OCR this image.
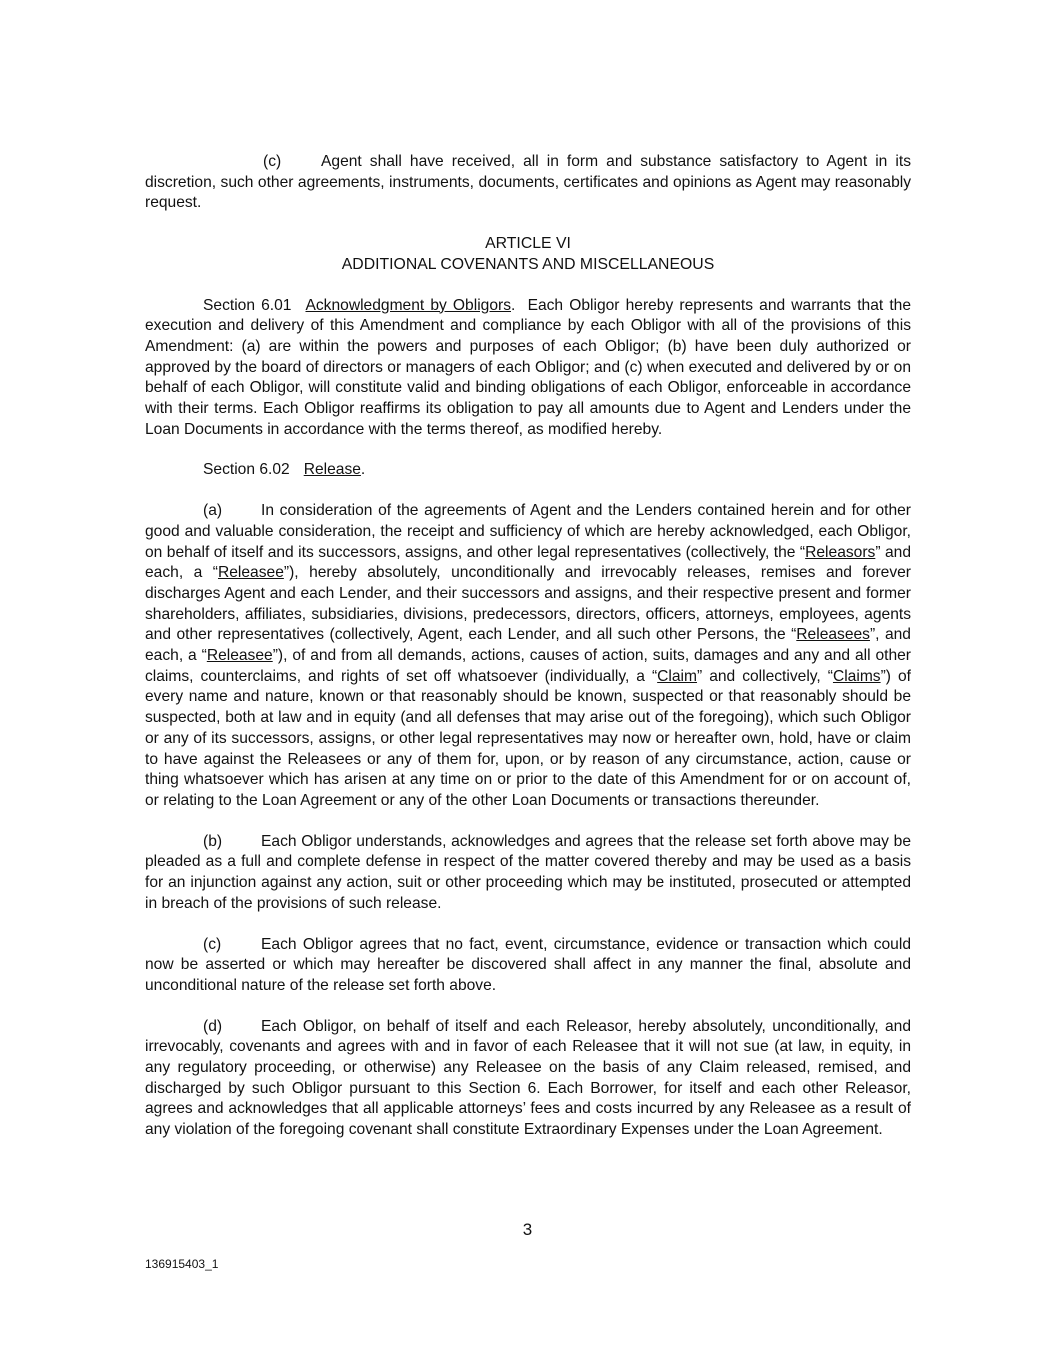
(c)	Agent shall have received, all in form and substance satisfactory to Agent in its discretion, such other agreements, instruments, documents, certificates and opinions as Agent may reasonably request.

ARTICLE VI

ADDITIONAL COVENANTS AND MISCELLANEOUS

Section 6.01 Acknowledgment by Obligors.  Each Obligor hereby represents and warrants that the execution and delivery of this Amendment and compliance by each Obligor with all of the provisions of this Amendment: (a) are within the powers and purposes of each Obligor; (b) have been duly authorized or approved by the board of directors or managers of each Obligor; and (c) when executed and delivered by or on behalf of each Obligor, will constitute valid and binding obligations of each Obligor, enforceable in accordance with their terms. Each Obligor reaffirms its obligation to pay all amounts due to Agent and Lenders under the Loan Documents in accordance with the terms thereof, as modified hereby.

Section 6.02 Release.

(a) In consideration of the agreements of Agent and the Lenders contained herein and for other good and valuable consideration, the receipt and sufficiency of which are hereby acknowledged, each Obligor, on behalf of itself and its successors, assigns, and other legal representatives (collectively, the “Releasors” and each, a “Releasee”), hereby absolutely, unconditionally and irrevocably releases, remises and forever discharges Agent and each Lender, and their successors and assigns, and their respective present and former shareholders, affiliates, subsidiaries, divisions, predecessors, directors, officers, attorneys, employees, agents and other representatives (collectively, Agent, each Lender, and all such other Persons, the “Releasees”, and each, a “Releasee”), of and from all demands, actions, causes of action, suits, damages and any and all other claims, counterclaims, and rights of set off whatsoever (individually, a “Claim” and collectively, “Claims”) of every name and nature, known or that reasonably should be known, suspected or that reasonably should be suspected, both at law and in equity (and all defenses that may arise out of the foregoing), which such Obligor or any of its successors, assigns, or other legal representatives may now or hereafter own, hold, have or claim to have against the Releasees or any of them for, upon, or by reason of any circumstance, action, cause or thing whatsoever which has arisen at any time on or prior to the date of this Amendment for or on account of, or relating to the Loan Agreement or any of the other Loan Documents or transactions thereunder.

(b) Each Obligor understands, acknowledges and agrees that the release set forth above may be pleaded as a full and complete defense in respect of the matter covered thereby and may be used as a basis for an injunction against any action, suit or other proceeding which may be instituted, prosecuted or attempted in breach of the provisions of such release.

(c)	Each Obligor agrees that no fact, event, circumstance, evidence or transaction which could now be asserted or which may hereafter be discovered shall affect in any manner the final, absolute and unconditional nature of the release set forth above.

(d) Each Obligor, on behalf of itself and each Releasor, hereby absolutely, unconditionally, and irrevocably, covenants and agrees with and in favor of each Releasee that it will not sue (at law, in equity, in any regulatory proceeding, or otherwise) any Releasee on the basis of any Claim released, remised, and discharged by such Obligor pursuant to this Section 6. Each Borrower, for itself and each other Releasor, agrees and acknowledges that all applicable attorneys’ fees and costs incurred by any Releasee as a result of any violation of the foregoing covenant shall constitute Extraordinary Expenses under the Loan Agreement.

3
136915403_1
